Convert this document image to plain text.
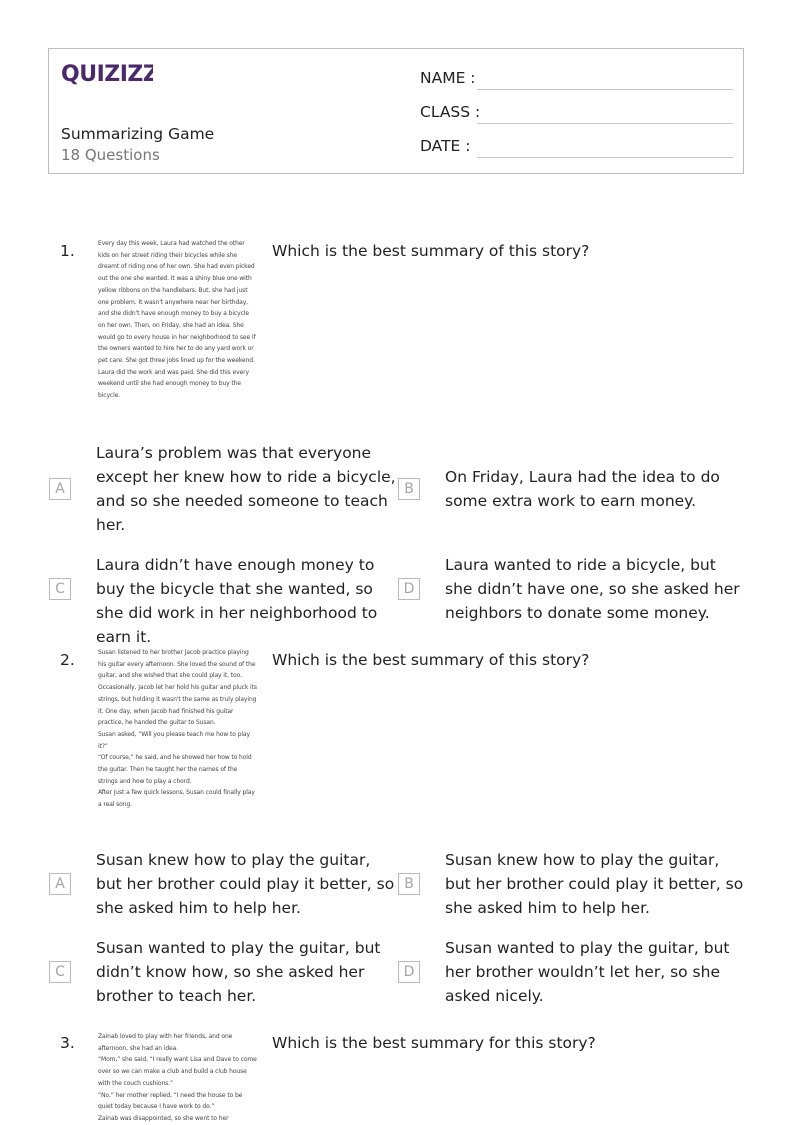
QUIZIZZ
Summarizing Game
18 Questions
NAME :
CLASS :
DATE :
1.	Every day this week, Laura had watched the other kids on her street riding their bicycles while she dreamt of riding one of her own. She had even picked out the one she wanted. It was a shiny blue one with yellow ribbons on the handlebars. But, she had just one problem. It wasn't anywhere near her birthday, and she didn't have enough money to buy a bicycle on her own. Then, on Friday, she had an idea. She would go to every house in her neighborhood to see if the owners wanted to hire her to do any yard work or pet care. She got three jobs lined up for the weekend. Laura did the work and was paid. She did this every weekend until she had enough money to buy the bicycle.

Which is the best summary of this story?
A
Laura’s problem was that everyone except her knew how to ride a bicycle, and so she needed someone to teach her.
B
On Friday, Laura had the idea to do some extra work to earn money.
C
Laura didn’t have enough money to buy the bicycle that she wanted, so she did work in her neighborhood to earn it.
D
Laura wanted to ride a bicycle, but she didn’t have one, so she asked her neighbors to donate some money.
2.	Susan listened to her brother Jacob practice playing his guitar every afternoon. She loved the sound of the guitar, and she wished that she could play it, too. Occasionally, Jacob let her hold his guitar and pluck its strings, but holding it wasn't the same as truly playing it. One day, when Jacob had finished his guitar practice, he handed the guitar to Susan.

Susan asked, “Will you please teach me how to play it?”

“Of course,” he said, and he showed her how to hold the guitar. Then he taught her the names of the strings and how to play a chord.

After just a few quick lessons, Susan could finally play a real song.

Which is the best summary of this story?
A
Susan knew how to play the guitar, but her brother could play it better, so she asked him to help her.
B
Susan knew how to play the guitar, but her brother could play it better, so she asked him to help her.
C
Susan wanted to play the guitar, but didn’t know how, so she asked her brother to teach her.
D
Susan wanted to play the guitar, but her brother wouldn’t let her, so she asked nicely.
3.	Zainab loved to play with her friends, and one afternoon, she had an idea.

“Mom,” she said, “I really want Lisa and Dave to come over so we can make a club and build a club house with the couch cushions.”

“No,” her mother replied, “I need the house to be quiet today because I have work to do.”

Zainab was disappointed, so she went to her

Which is the best summary for this story?
